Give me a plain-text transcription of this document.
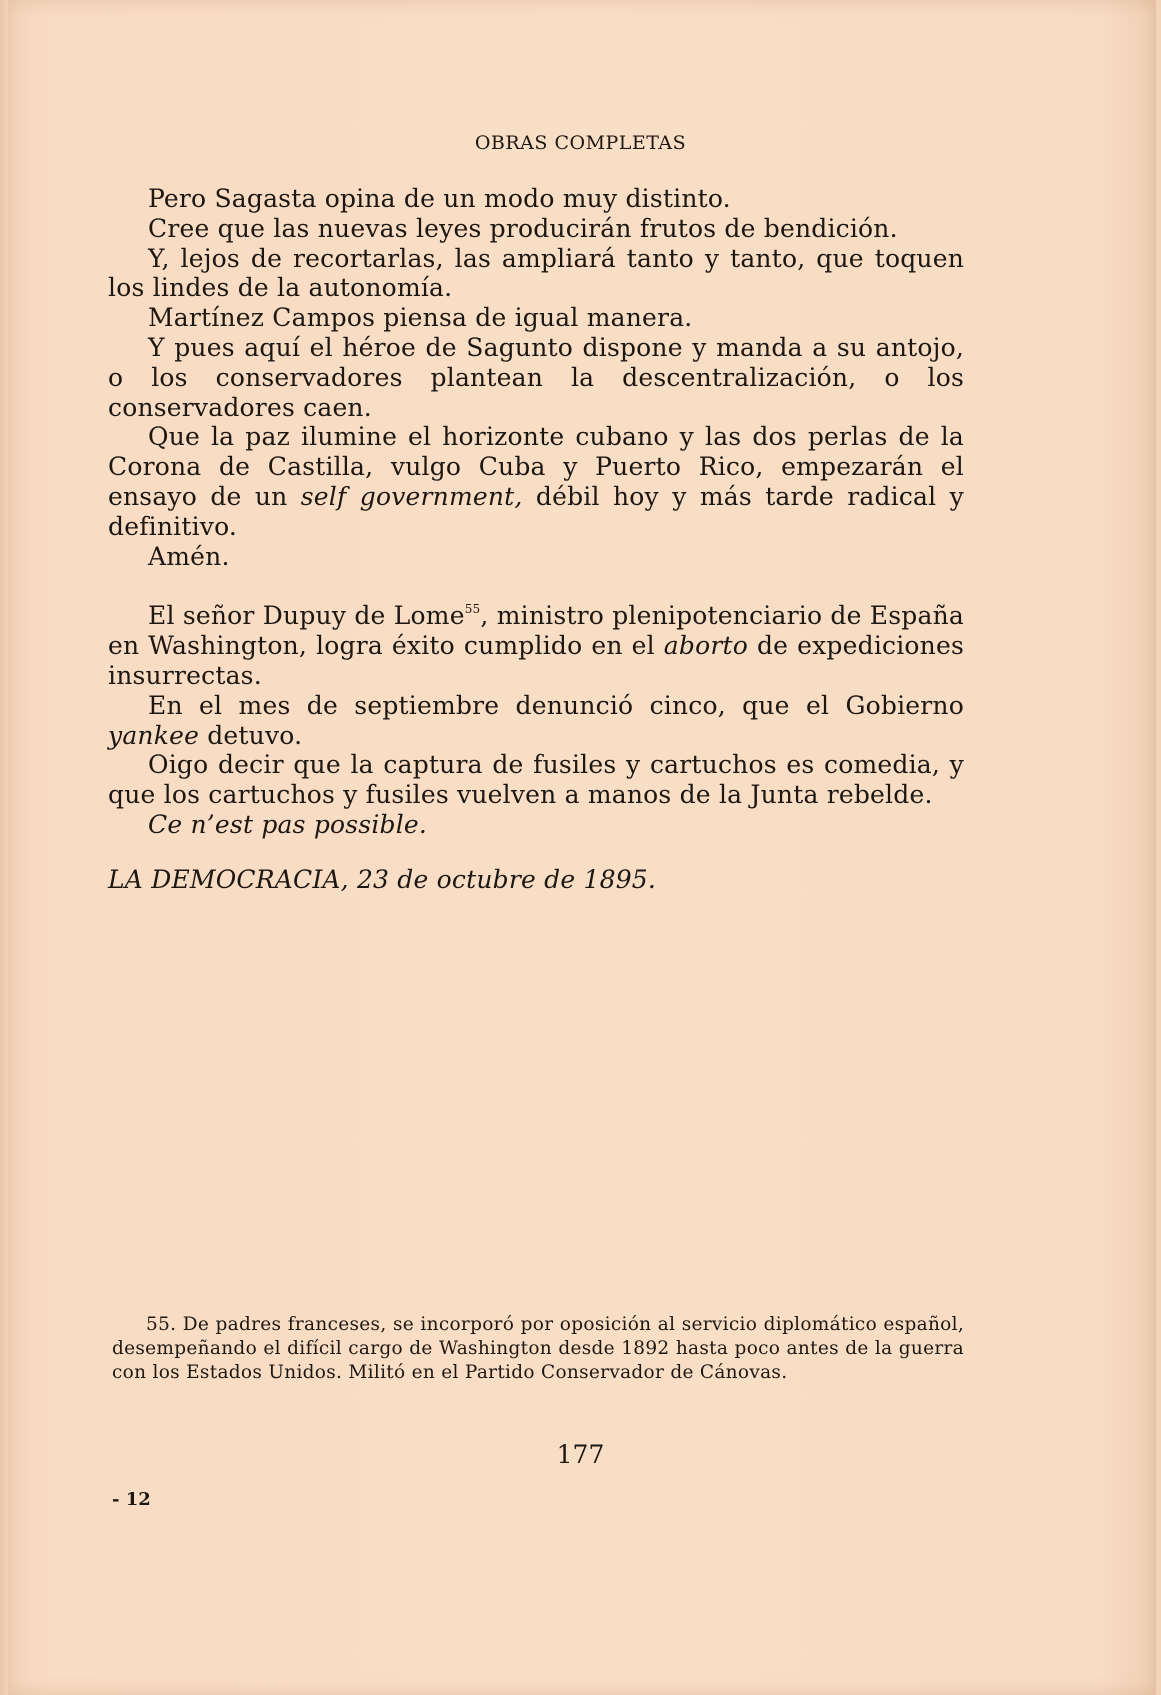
OBRAS COMPLETAS

Pero Sagasta opina de un modo muy distinto.

Cree que las nuevas leyes producirán frutos de bendición.

Y, lejos de recortarlas, las ampliará tanto y tanto, que toquen los lindes de la autonomía.

Martínez Campos piensa de igual manera.

Y pues aquí el héroe de Sagunto dispone y manda a su antojo, o los conservadores plantean la descentralización, o los conservadores caen.

Que la paz ilumine el horizonte cubano y las dos perlas de la Corona de Castilla, vulgo Cuba y Puerto Rico, empezarán el ensayo de un self government, débil hoy y más tarde radical y definitivo.

Amén.

El señor Dupuy de Lome$^{55}$, ministro plenipotenciario de España en Washington, logra éxito cumplido en el aborto de expediciones insurrectas.

En el mes de septiembre denunció cinco, que el Gobierno yankee detuvo.

Oigo decir que la captura de fusiles y cartuchos es comedia, y que los cartuchos y fusiles vuelven a manos de la Junta rebelde.

Ce n’est pas possible.

LA DEMOCRACIA, 23 de octubre de 1895.

55. De padres franceses, se incorporó por oposición al servicio diplomático español, desempeñando el difícil cargo de Washington desde 1892 hasta poco antes de la guerra con los Estados Unidos. Militó en el Partido Conservador de Cánovas.

177
- 12
